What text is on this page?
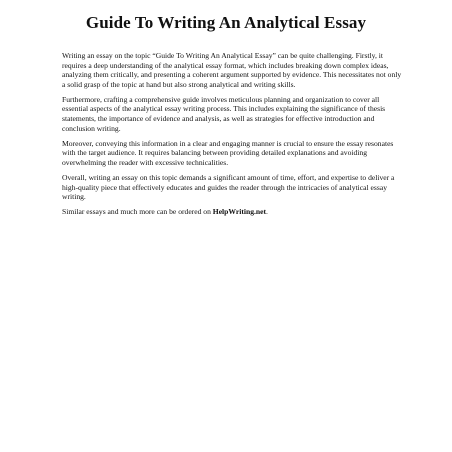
Guide To Writing An Analytical Essay

Writing an essay on the topic “Guide To Writing An Analytical Essay” can be quite challenging. Firstly, it requires a deep understanding of the analytical essay format, which includes breaking down complex ideas, analyzing them critically, and presenting a coherent argument supported by evidence. This necessitates not only a solid grasp of the topic at hand but also strong analytical and writing skills.

Furthermore, crafting a comprehensive guide involves meticulous planning and organization to cover all essential aspects of the analytical essay writing process. This includes explaining the significance of thesis statements, the importance of evidence and analysis, as well as strategies for effective introduction and conclusion writing.

Moreover, conveying this information in a clear and engaging manner is crucial to ensure the essay resonates with the target audience. It requires balancing between providing detailed explanations and avoiding overwhelming the reader with excessive technicalities.

Overall, writing an essay on this topic demands a significant amount of time, effort, and expertise to deliver a high-quality piece that effectively educates and guides the reader through the intricacies of analytical essay writing.

Similar essays and much more can be ordered on HelpWriting.net.
